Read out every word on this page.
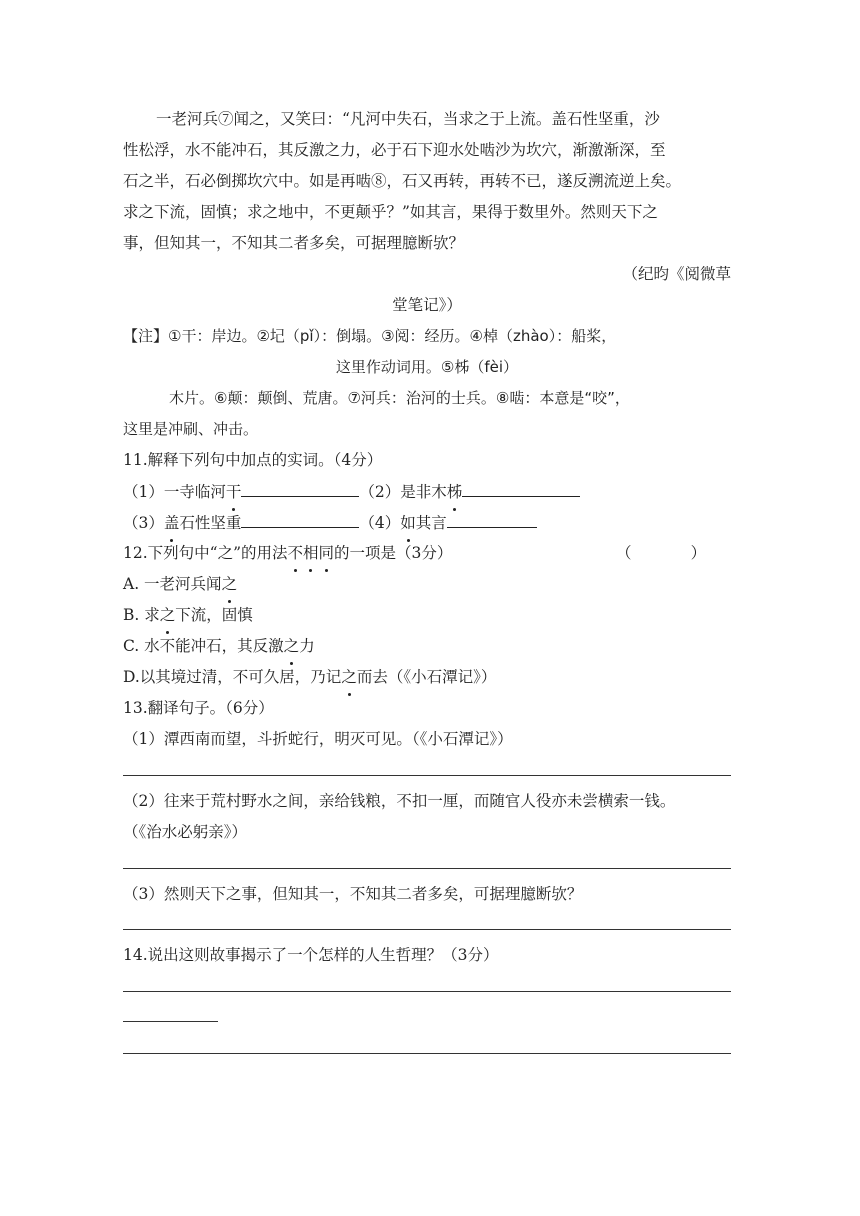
一老河兵⑦闻之，又笑曰：“凡河中失石，当求之于上流。盖石性坚重，沙
性松浮，水不能冲石，其反激之力，必于石下迎水处啮沙为坎穴，渐激渐深，至
石之半，石必倒掷坎穴中。如是再啮⑧，石又再转，再转不已，遂反溯流逆上矣。
求之下流，固慎；求之地中，不更颠乎？”如其言，果得于数里外。然则天下之
事，但知其一，不知其二者多矣，可据理臆断欤？
（纪昀《阅微草
堂笔记》）
【注】①干：岸边。②圮（pǐ）：倒塌。③阅：经历。④棹（zhào）：船桨，
这里作动词用。⑤柹（fèi）
木片。⑥颠：颠倒、荒唐。⑦河兵：治河的士兵。⑧啮：本意是“咬”，
这里是冲刷、冲击。
11.解释下列句中加点的实词。（4分）
（1）一寺临河干	（2）是非木柹
（3）盖石性坚重	（4）如其言
12.下列句中“之”的用法不相同的一项是（3分）	（            ）
A. 一老河兵闻之
B. 求之下流，固慎
C. 水不能冲石，其反激之力
D.以其境过清，不可久居，乃记之而去（《小石潭记》）
13.翻译句子。（6分）
（1）潭西南而望，斗折蛇行，明灭可见。（《小石潭记》）
（2）往来于荒村野水之间，亲给钱粮，不扣一厘，而随官人役亦未尝横索一钱。
（《治水必躬亲》）
（3）然则天下之事，但知其一，不知其二者多矣，可据理臆断欤？
14.说出这则故事揭示了一个怎样的人生哲理？（3分）
